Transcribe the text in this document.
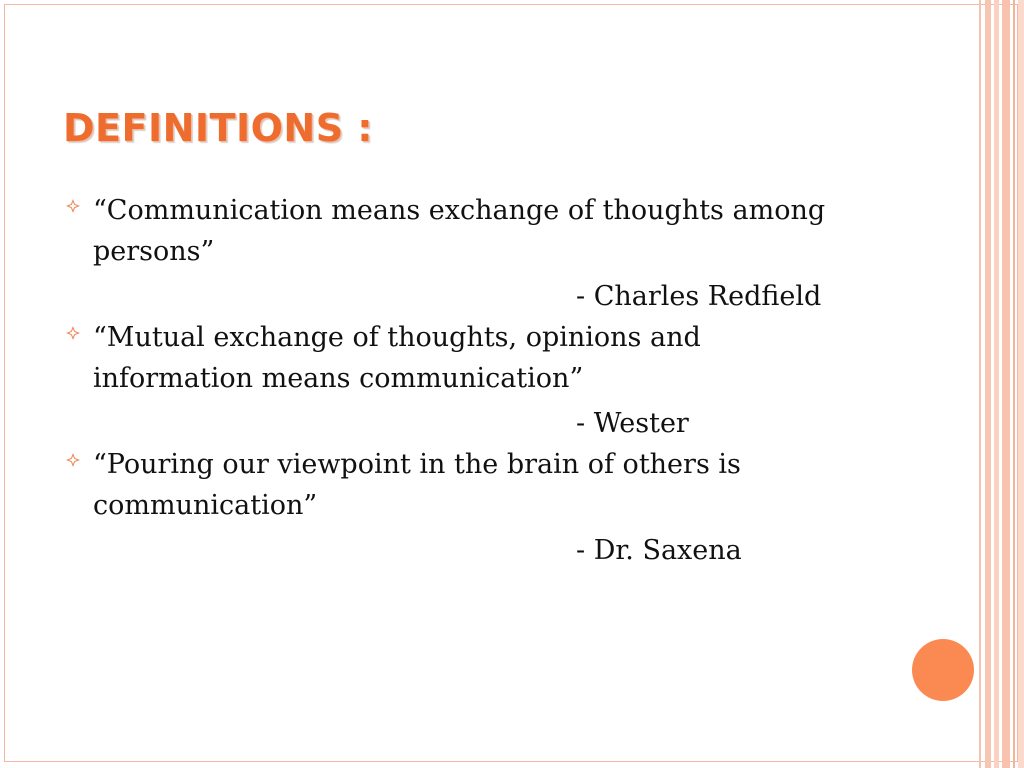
DEFINITIONS :

“Communication means exchange of thoughts among persons”

- Charles Redfield

“Mutual exchange of thoughts, opinions and information means communication”

- Wester

“Pouring our viewpoint in the brain of others is communication”

- Dr. Saxena
